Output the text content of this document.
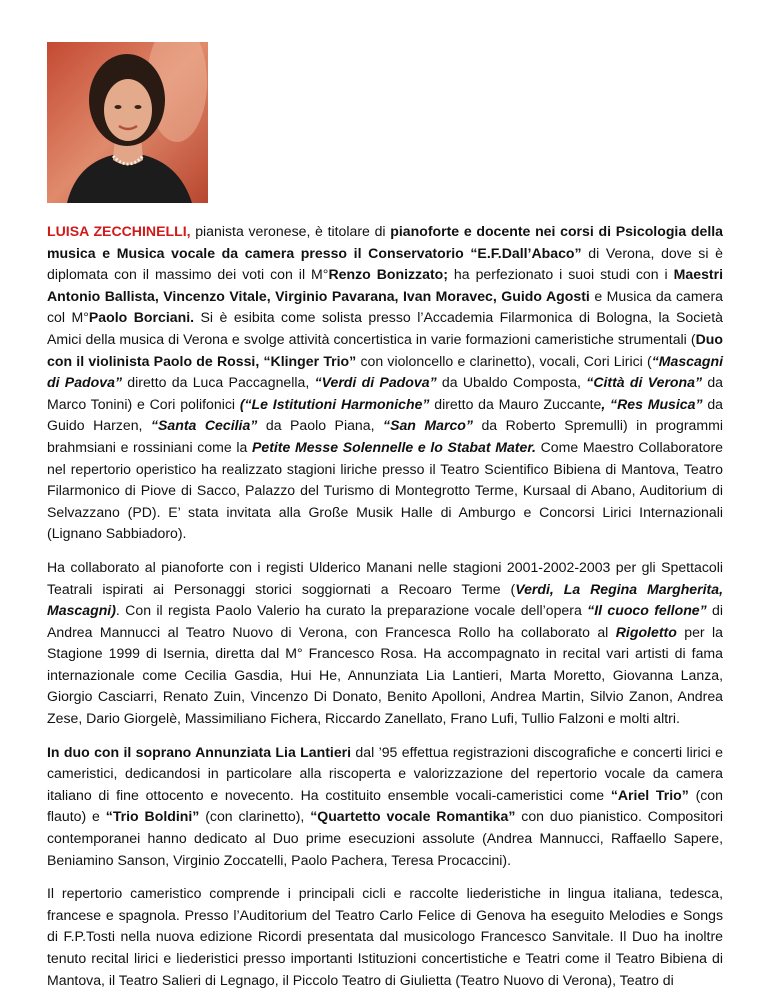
LUISA ZECCHINELLI, pianista veronese, è titolare di pianoforte e docente nei corsi di Psicologia della musica e Musica vocale da camera presso il Conservatorio “E.F.Dall’Abaco” di Verona, dove si è diplomata con il massimo dei voti con il M°Renzo Bonizzato; ha perfezionato i suoi studi con i Maestri Antonio Ballista, Vincenzo Vitale, Virginio Pavarana, Ivan Moravec, Guido Agosti e Musica da camera col M°Paolo Borciani. Si è esibita come solista presso l’Accademia Filarmonica di Bologna, la Società Amici della musica di Verona e svolge attività concertistica in varie formazioni cameristiche strumentali (Duo con il violinista Paolo de Rossi, “Klinger Trio” con violoncello e clarinetto), vocali, Cori Lirici (“Mascagni di Padova” diretto da Luca Paccagnella, “Verdi di Padova” da Ubaldo Composta, “Città di Verona” da Marco Tonini) e Cori polifonici (“Le Istitutioni Harmoniche” diretto da Mauro Zuccante, “Res Musica” da Guido Harzen, “Santa Cecilia” da Paolo Piana, “San Marco” da Roberto Spremulli) in programmi brahmsiani e rossiniani come la Petite Messe Solennelle e lo Stabat Mater. Come Maestro Collaboratore nel repertorio operistico ha realizzato stagioni liriche presso il Teatro Scientifico Bibiena di Mantova, Teatro Filarmonico di Piove di Sacco, Palazzo del Turismo di Montegrotto Terme, Kursaal di Abano, Auditorium di Selvazzano (PD). E’ stata invitata alla Große Musik Halle di Amburgo e Concorsi Lirici Internazionali (Lignano Sabbiadoro).

Ha collaborato al pianoforte con i registi Ulderico Manani nelle stagioni 2001-2002-2003 per gli Spettacoli Teatrali ispirati ai Personaggi storici soggiornati a Recoaro Terme (Verdi, La Regina Margherita, Mascagni). Con il regista Paolo Valerio ha curato la preparazione vocale dell’opera “Il cuoco fellone” di Andrea Mannucci al Teatro Nuovo di Verona, con Francesca Rollo ha collaborato al Rigoletto per la Stagione 1999 di Isernia, diretta dal M° Francesco Rosa. Ha accompagnato in recital vari artisti di fama internazionale come Cecilia Gasdia, Hui He, Annunziata Lia Lantieri, Marta Moretto, Giovanna Lanza, Giorgio Casciarri, Renato Zuin, Vincenzo Di Donato, Benito Apolloni, Andrea Martin, Silvio Zanon, Andrea Zese, Dario Giorgelè, Massimiliano Fichera, Riccardo Zanellato, Frano Lufi, Tullio Falzoni e molti altri.

In duo con il soprano Annunziata Lia Lantieri dal ’95 effettua registrazioni discografiche e concerti lirici e cameristici, dedicandosi in particolare alla riscoperta e valorizzazione del repertorio vocale da camera italiano di fine ottocento e novecento. Ha costituito ensemble vocali-cameristici come “Ariel Trio” (con flauto) e “Trio Boldini” (con clarinetto), “Quartetto vocale Romantika” con duo pianistico. Compositori contemporanei hanno dedicato al Duo prime esecuzioni assolute (Andrea Mannucci, Raffaello Sapere, Beniamino Sanson, Virginio Zoccatelli, Paolo Pachera, Teresa Procaccini).

Il repertorio cameristico comprende i principali cicli e raccolte liederistiche in lingua italiana, tedesca, francese e spagnola. Presso l’Auditorium del Teatro Carlo Felice di Genova ha eseguito Melodies e Songs di F.P.Tosti nella nuova edizione Ricordi presentata dal musicologo Francesco Sanvitale. Il Duo ha inoltre tenuto recital lirici e liederistici presso importanti Istituzioni concertistiche e Teatri come il Teatro Bibiena di Mantova, il Teatro Salieri di Legnago, il Piccolo Teatro di Giulietta (Teatro Nuovo di Verona), Teatro di
